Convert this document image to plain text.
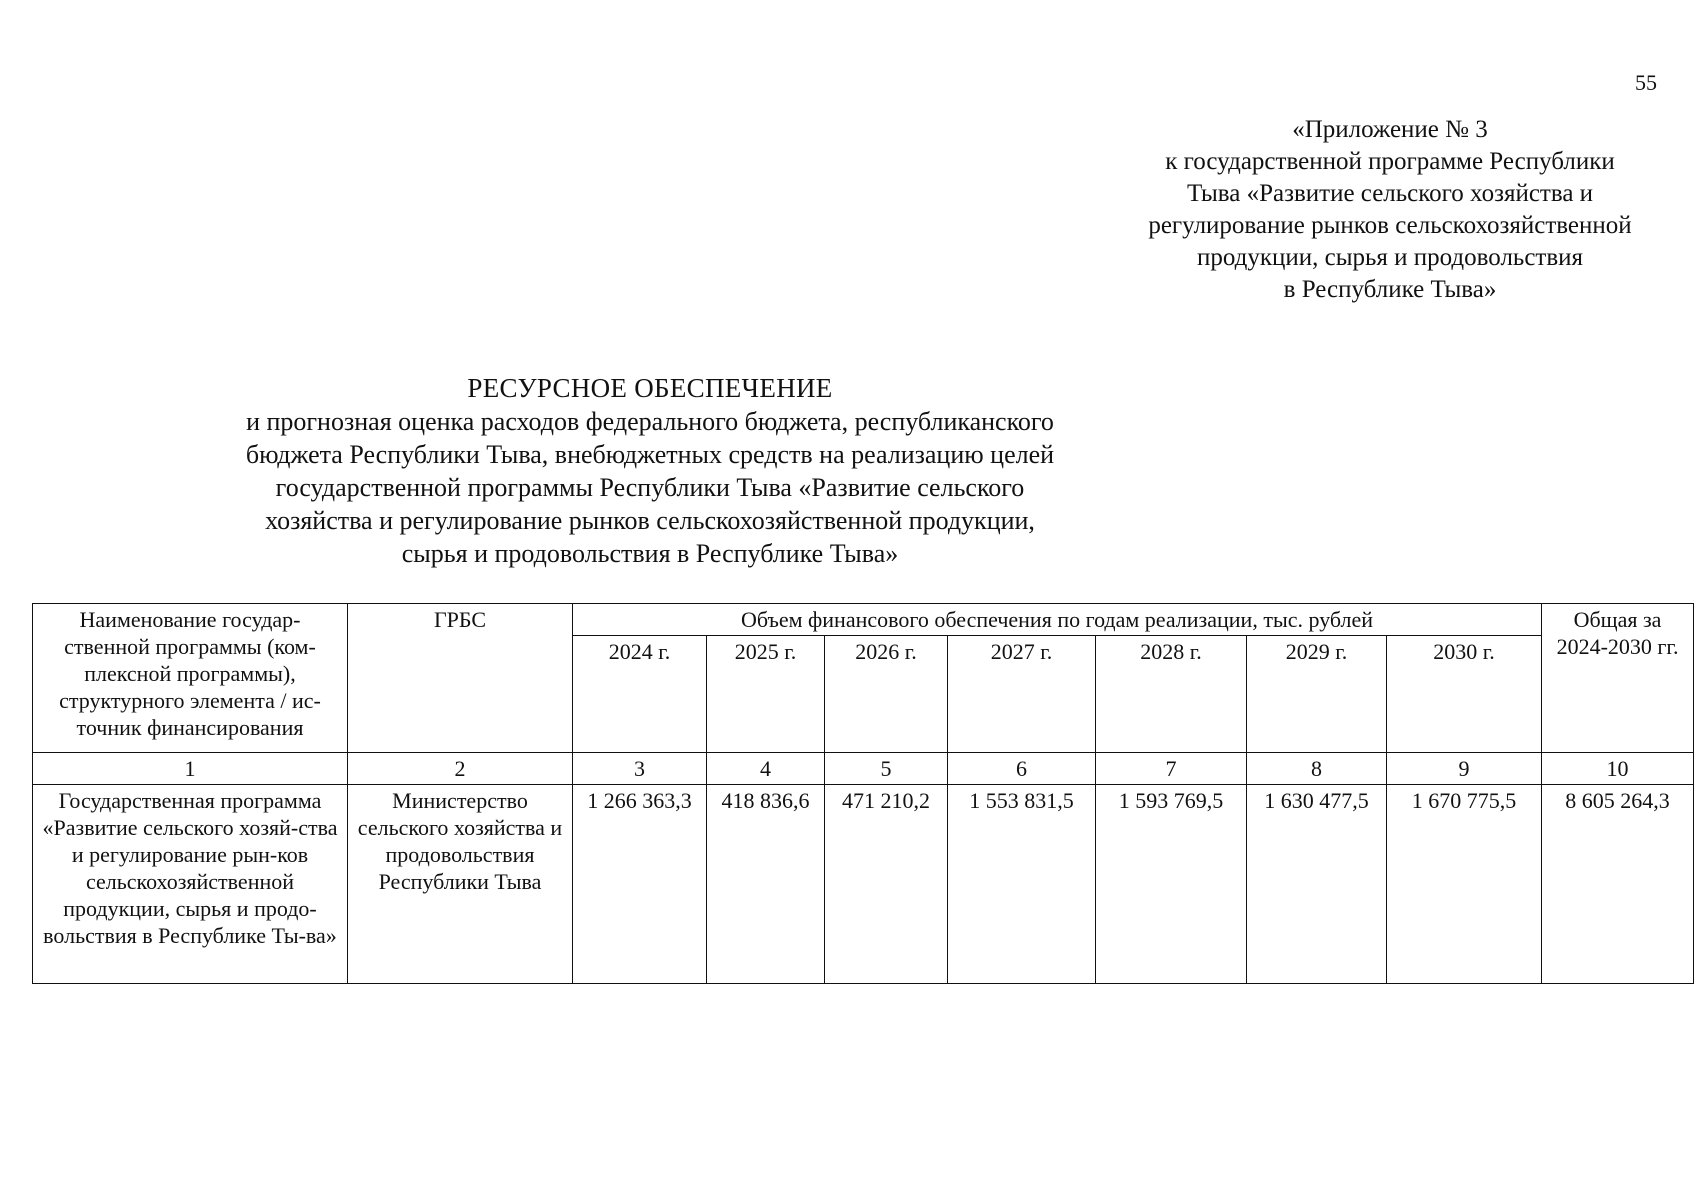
55
«Приложение № 3
к государственной программе Республики
Тыва «Развитие сельского хозяйства и
регулирование рынков сельскохозяйственной
продукции, сырья и продовольствия
в Республике Тыва»
РЕСУРСНОЕ ОБЕСПЕЧЕНИЕ
и прогнозная оценка расходов федерального бюджета, республиканского
бюджета Республики Тыва, внебюджетных средств на реализацию целей
государственной программы Республики Тыва «Развитие сельского
хозяйства и регулирование рынков сельскохозяйственной продукции,
сырья и продовольствия в Республике Тыва»
Наименование государ-ственной программы (ком-плексной программы), структурного элемента / ис-точник финансирования	ГРБС	Объем финансового обеспечения по годам реализации, тыс. рублей							Общая за 2024-2030 гг.
		2024 г.	2025 г.	2026 г.	2027 г.	2028 г.	2029 г.	2030 г.	
1	2	3	4	5	6	7	8	9	10
Государственная программа «Развитие сельского хозяй-ства и регулирование рын-ков сельскохозяйственной продукции, сырья и продо-вольствия в Республике Ты-ва»	Министерство сельского хозяйства и продовольствия Республики Тыва	1 266 363,3	418 836,6	471 210,2	1 553 831,5	1 593 769,5	1 630 477,5	1 670 775,5	8 605 264,3
